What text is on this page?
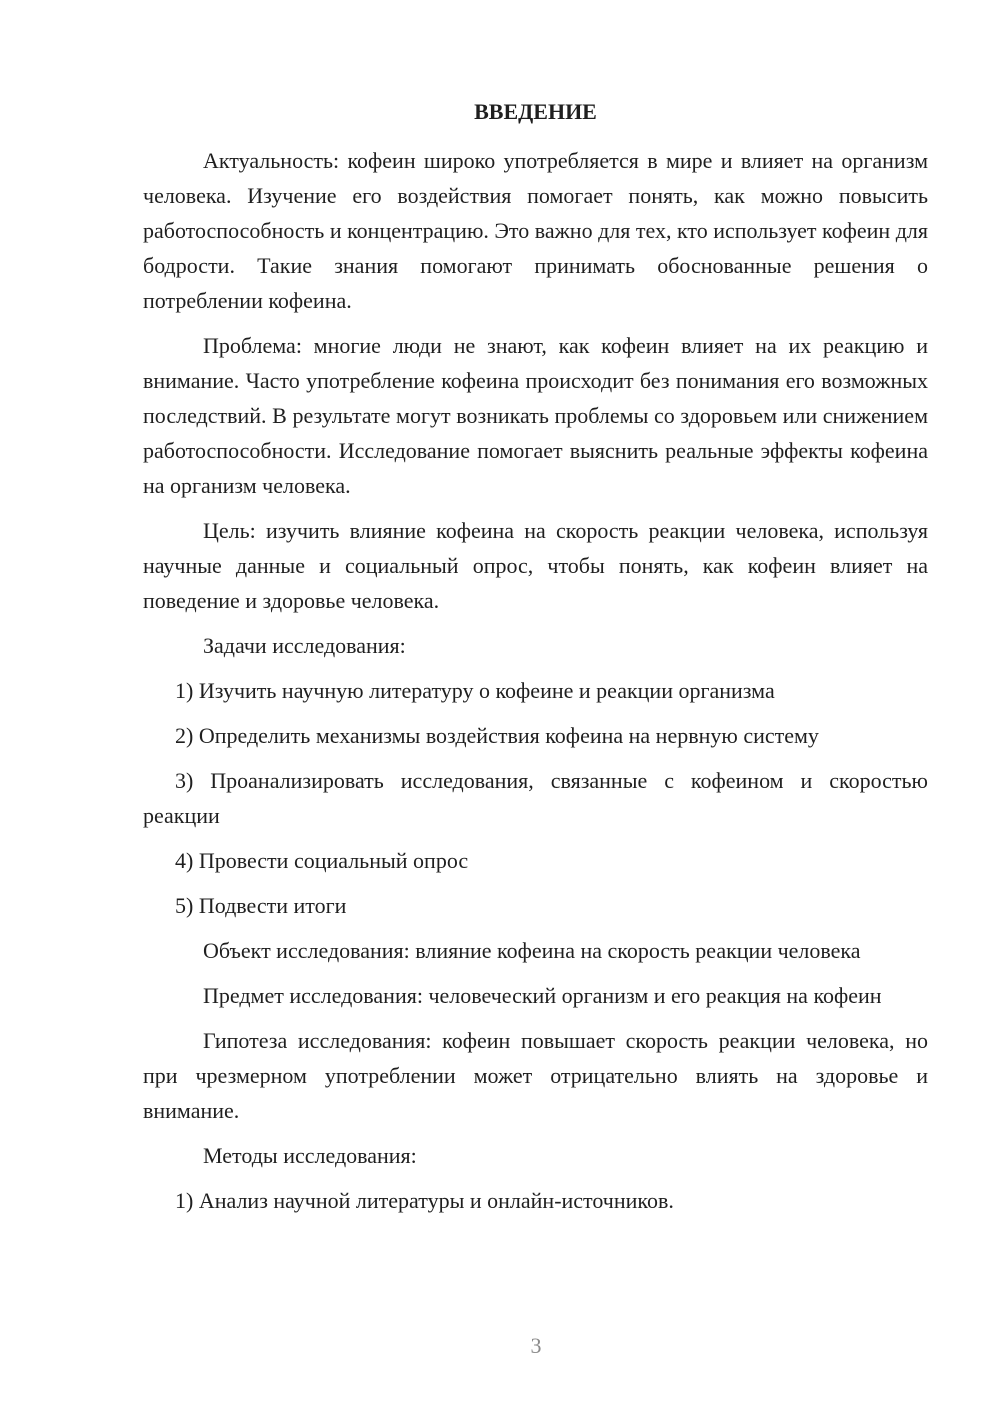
ВВЕДЕНИЕ

Актуальность: кофеин широко употребляется в мире и влияет на организм человека. Изучение его воздействия помогает понять, как можно повысить работоспособность и концентрацию. Это важно для тех, кто использует кофеин для бодрости. Такие знания помогают принимать обоснованные решения о потреблении кофеина.

Проблема: многие люди не знают, как кофеин влияет на их реакцию и внимание. Часто употребление кофеина происходит без понимания его возможных последствий. В результате могут возникать проблемы со здоровьем или снижением работоспособности. Исследование помогает выяснить реальные эффекты кофеина на организм человека.

Цель: изучить влияние кофеина на скорость реакции человека, используя научные данные и социальный опрос, чтобы понять, как кофеин влияет на поведение и здоровье человека.

Задачи исследования:

1) Изучить научную литературу о кофеине и реакции организма

2) Определить механизмы воздействия кофеина на нервную систему

3) Проанализировать исследования, связанные с кофеином и скоростью реакции

4) Провести социальный опрос

5) Подвести итоги

Объект исследования: влияние кофеина на скорость реакции человека

Предмет исследования: человеческий организм и его реакция на кофеин

Гипотеза исследования: кофеин повышает скорость реакции человека, но при чрезмерном употреблении может отрицательно влиять на здоровье и внимание.

Методы исследования:

1) Анализ научной литературы и онлайн-источников.

3
